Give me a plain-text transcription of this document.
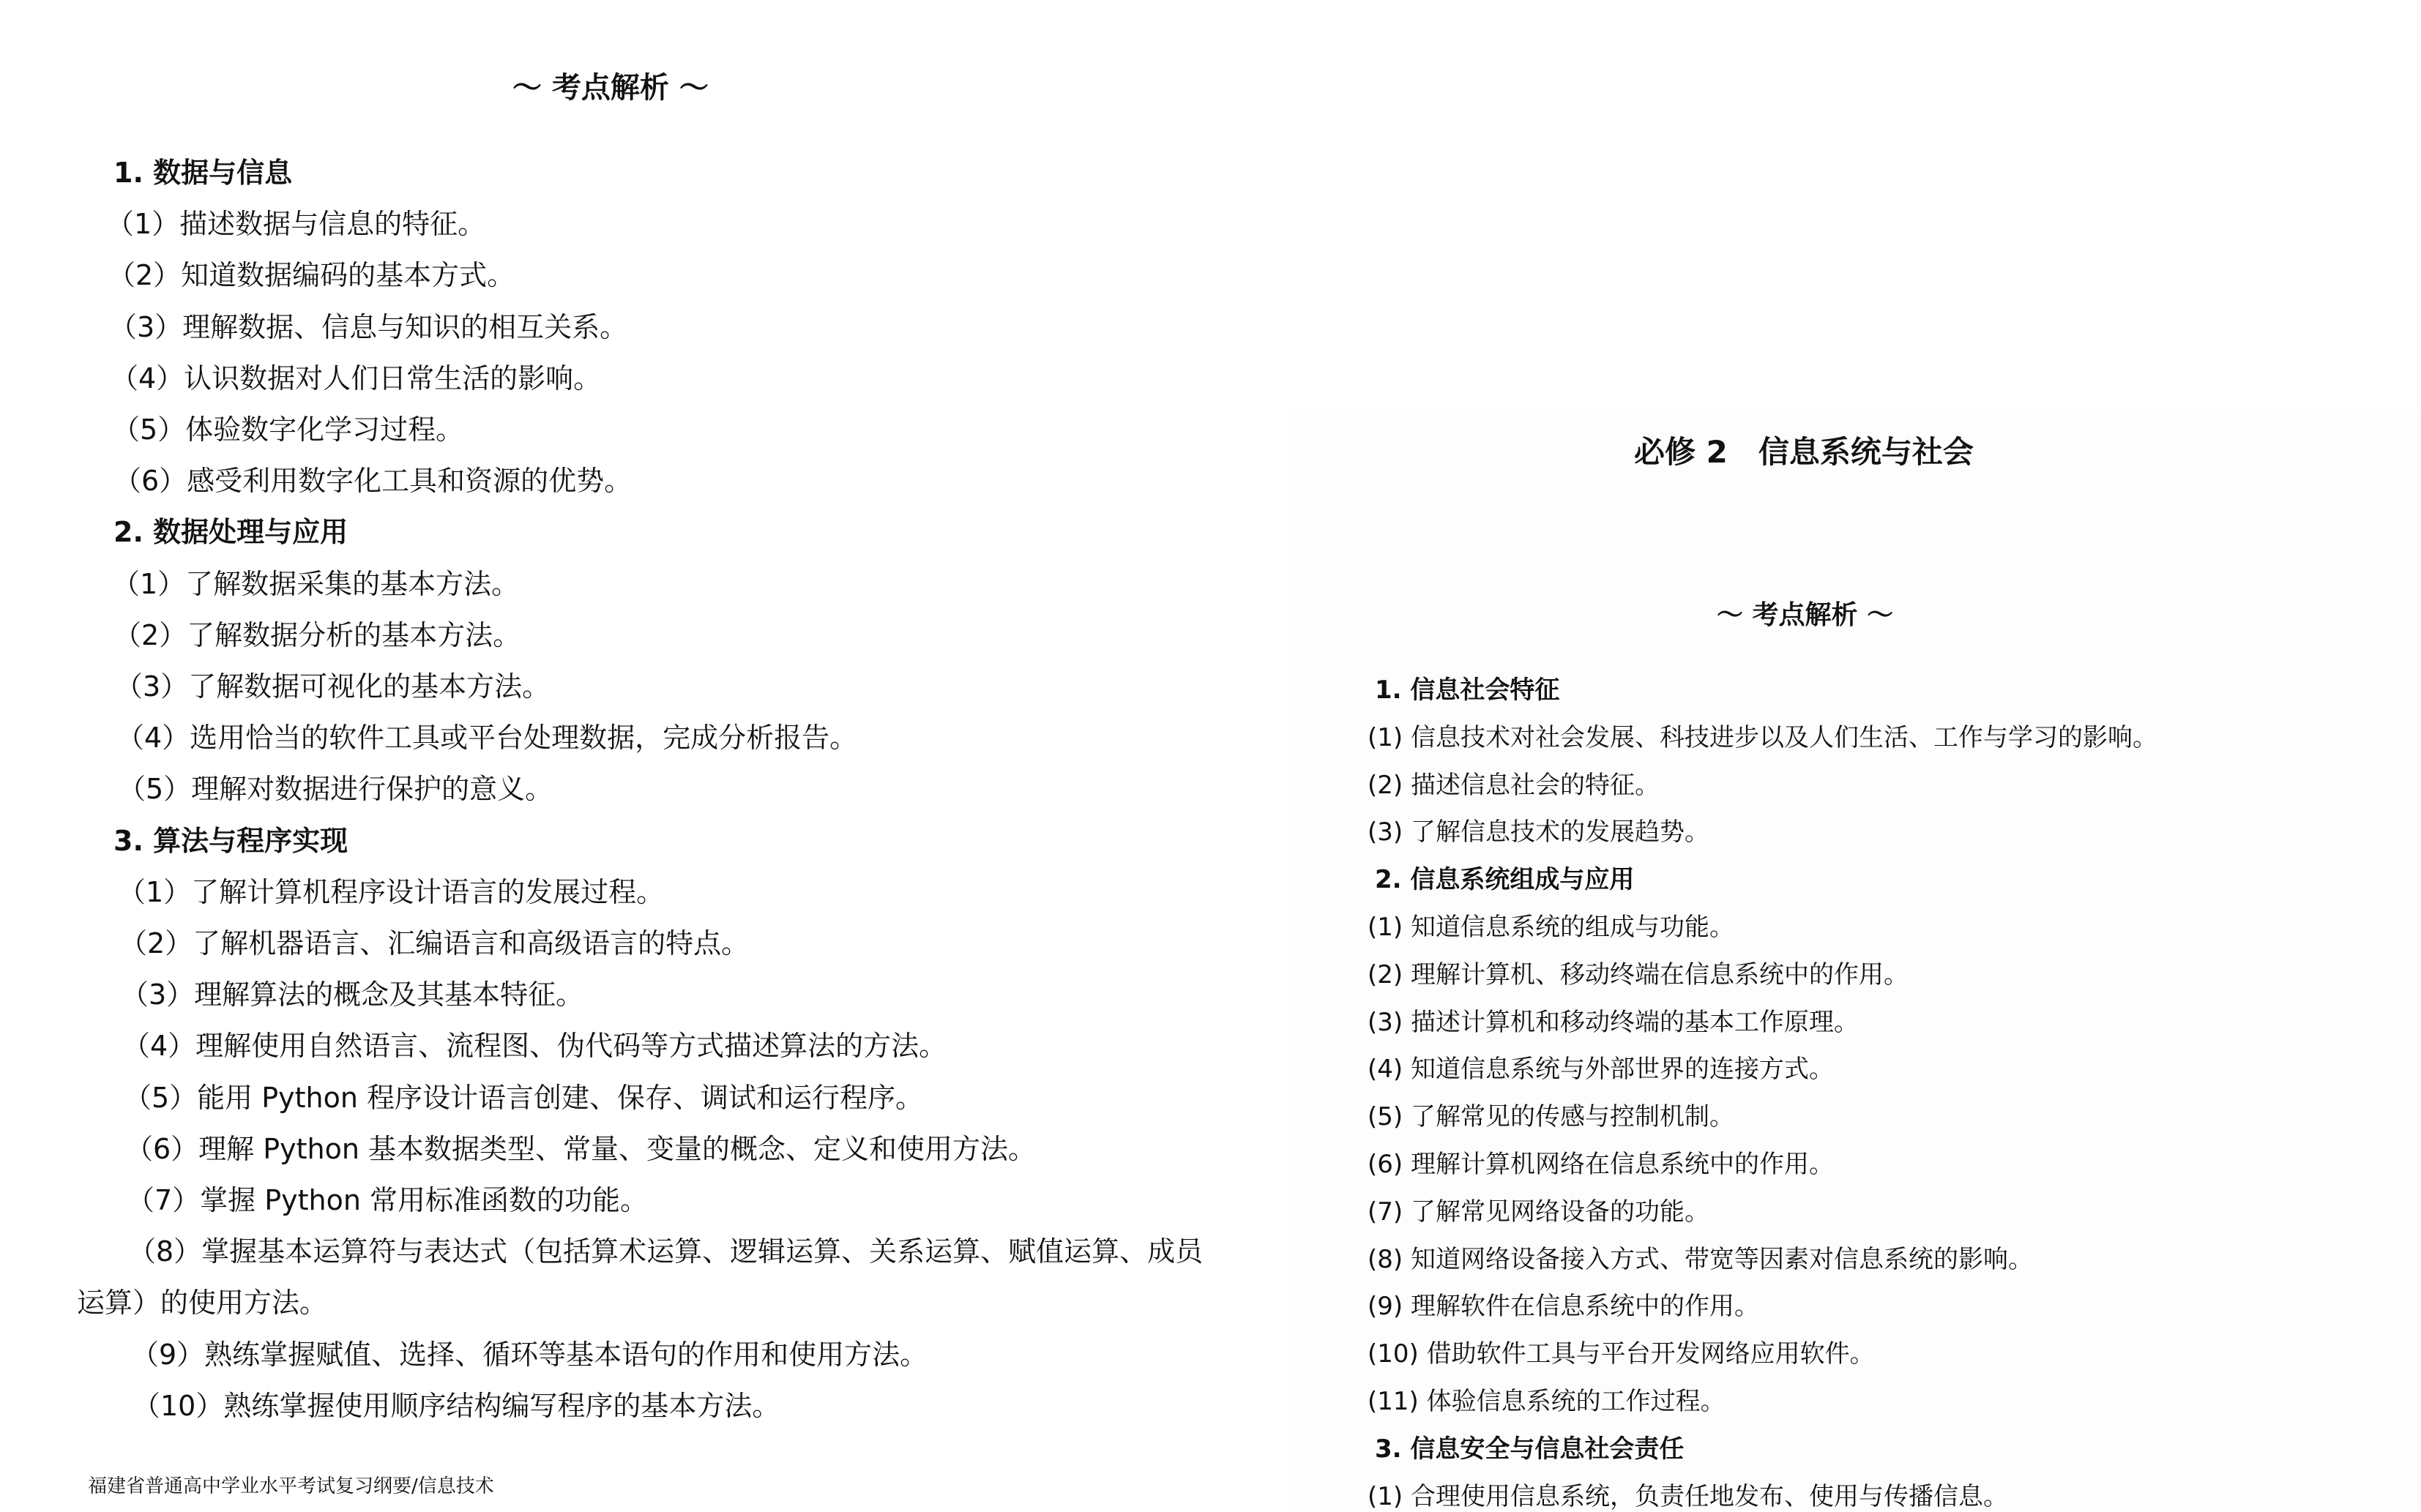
〜 考点解析 〜
1. 数据与信息
（1）描述数据与信息的特征。
（2）知道数据编码的基本方式。
（3）理解数据、信息与知识的相互关系。
（4）认识数据对人们日常生活的影响。
（5）体验数字化学习过程。
（6）感受利用数字化工具和资源的优势。
2. 数据处理与应用
（1）了解数据采集的基本方法。
（2）了解数据分析的基本方法。
（3）了解数据可视化的基本方法。
（4）选用恰当的软件工具或平台处理数据，完成分析报告。
（5）理解对数据进行保护的意义。
3. 算法与程序实现
（1）了解计算机程序设计语言的发展过程。
（2）了解机器语言、汇编语言和高级语言的特点。
（3）理解算法的概念及其基本特征。
（4）理解使用自然语言、流程图、伪代码等方式描述算法的方法。
（5）能用 Python 程序设计语言创建、保存、调试和运行程序。
（6）理解 Python 基本数据类型、常量、变量的概念、定义和使用方法。
（7）掌握 Python 常用标准函数的功能。
（8）掌握基本运算符与表达式（包括算术运算、逻辑运算、关系运算、赋值运算、成员
运算）的使用方法。
（9）熟练掌握赋值、选择、循环等基本语句的作用和使用方法。
（10）熟练掌握使用顺序结构编写程序的基本方法。
福建省普通高中学业水平考试复习纲要/信息技术
必修 2　信息系统与社会
〜 考点解析 〜
1. 信息社会特征
(1) 信息技术对社会发展、科技进步以及人们生活、工作与学习的影响。
(2) 描述信息社会的特征。
(3) 了解信息技术的发展趋势。
2. 信息系统组成与应用
(1) 知道信息系统的组成与功能。
(2) 理解计算机、移动终端在信息系统中的作用。
(3) 描述计算机和移动终端的基本工作原理。
(4) 知道信息系统与外部世界的连接方式。
(5) 了解常见的传感与控制机制。
(6) 理解计算机网络在信息系统中的作用。
(7) 了解常见网络设备的功能。
(8) 知道网络设备接入方式、带宽等因素对信息系统的影响。
(9) 理解软件在信息系统中的作用。
(10) 借助软件工具与平台开发网络应用软件。
(11) 体验信息系统的工作过程。
3. 信息安全与信息社会责任
(1) 合理使用信息系统，负责任地发布、使用与传播信息。
